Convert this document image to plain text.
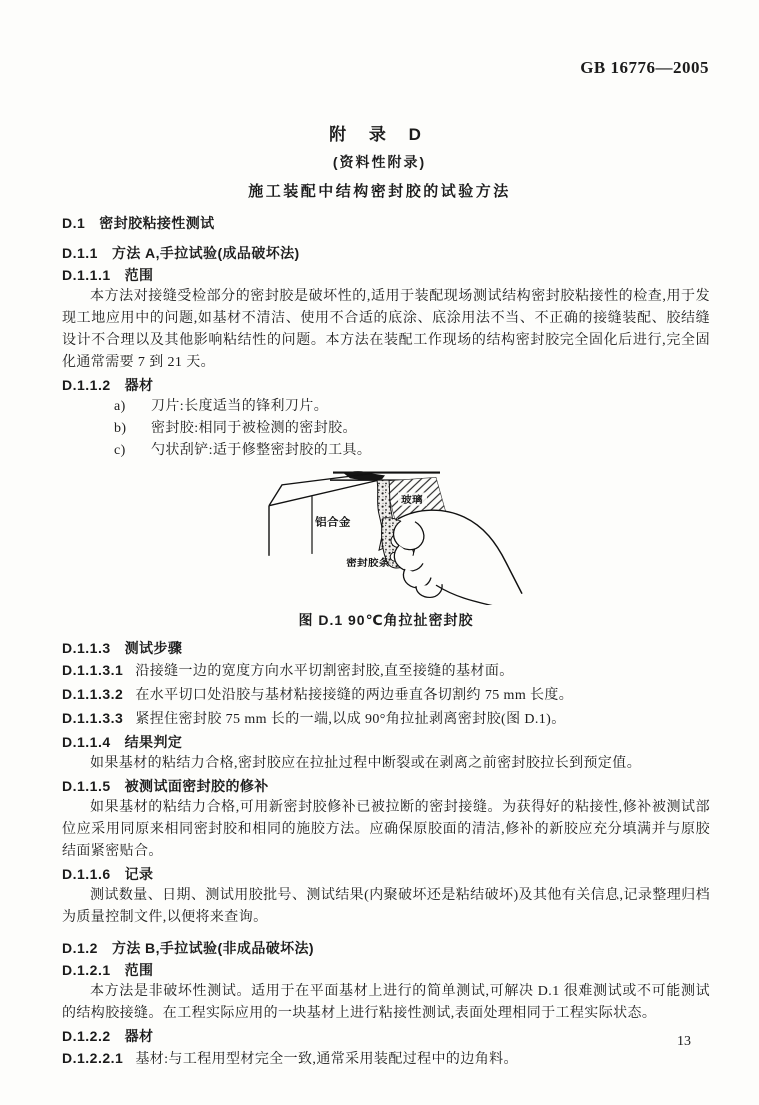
GB 16776—2005
附 录 D
(资料性附录)
施工装配中结构密封胶的试验方法
D.1 密封胶粘接性测试
D.1.1 方法 A,手拉试验(成品破坏法)
D.1.1.1 范围

本方法对接缝受检部分的密封胶是破坏性的,适用于装配现场测试结构密封胶粘接性的检查,用于发现工地应用中的问题,如基材不清洁、使用不合适的底涂、底涂用法不当、不正确的接缝装配、胶结缝设计不合理以及其他影响粘结性的问题。本方法在装配工作现场的结构密封胶完全固化后进行,完全固化通常需要 7 到 21 天。

D.1.1.2 器材
a) 刀片:长度适当的锋利刀片。
b) 密封胶:相同于被检测的密封胶。
c) 勺状刮铲:适于修整密封胶的工具。
玻璃
铝合金
密封胶条
图 D.1 90℃角拉扯密封胶
D.1.1.3 测试步骤
D.1.1.3.1 沿接缝一边的宽度方向水平切割密封胶,直至接缝的基材面。
D.1.1.3.2 在水平切口处沿胶与基材粘接接缝的两边垂直各切割约 75 mm 长度。
D.1.1.3.3 紧捏住密封胶 75 mm 长的一端,以成 90°角拉扯剥离密封胶(图 D.1)。
D.1.1.4 结果判定

如果基材的粘结力合格,密封胶应在拉扯过程中断裂或在剥离之前密封胶拉长到预定值。

D.1.1.5 被测试面密封胶的修补

如果基材的粘结力合格,可用新密封胶修补已被拉断的密封接缝。为获得好的粘接性,修补被测试部位应采用同原来相同密封胶和相同的施胶方法。应确保原胶面的清洁,修补的新胶应充分填满并与原胶结面紧密贴合。

D.1.1.6 记录

测试数量、日期、测试用胶批号、测试结果(内聚破坏还是粘结破坏)及其他有关信息,记录整理归档为质量控制文件,以便将来查询。

D.1.2 方法 B,手拉试验(非成品破坏法)
D.1.2.1 范围

本方法是非破坏性测试。适用于在平面基材上进行的简单测试,可解决 D.1 很难测试或不可能测试的结构胶接缝。在工程实际应用的一块基材上进行粘接性测试,表面处理相同于工程实际状态。

D.1.2.2 器材
D.1.2.2.1 基材:与工程用型材完全一致,通常采用装配过程中的边角料。
13
